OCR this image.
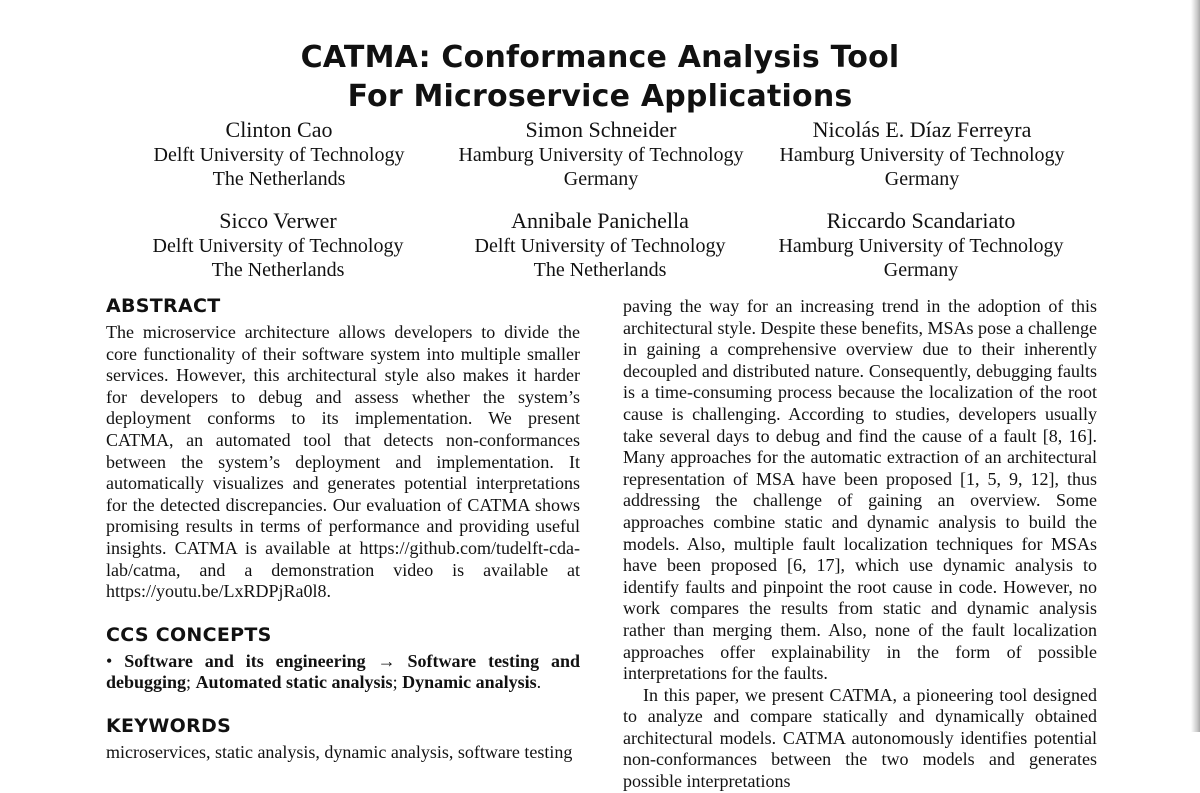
CATMA: Conformance Analysis Tool
For Microservice Applications
Clinton Cao
Delft University of Technology
The Netherlands
Simon Schneider
Hamburg University of Technology
Germany
Nicolás E. Díaz Ferreyra
Hamburg University of Technology
Germany
Sicco Verwer
Delft University of Technology
The Netherlands
Annibale Panichella
Delft University of Technology
The Netherlands
Riccardo Scandariato
Hamburg University of Technology
Germany
ABSTRACT

The microservice architecture allows developers to divide the core functionality of their software system into multiple smaller services. However, this architectural style also makes it harder for developers to debug and assess whether the system’s deployment conforms to its implementation. We present CATMA, an automated tool that detects non-conformances between the system’s deployment and implementation. It automatically visualizes and generates potential interpretations for the detected discrepancies. Our evaluation of CATMA shows promising results in terms of performance and providing useful insights. CATMA is available at https://github.com/tudelft-cda-lab/catma, and a demonstration video is available at https://youtu.be/LxRDPjRa0l8.

CCS CONCEPTS

• Software and its engineering → Software testing and debugging; Automated static analysis; Dynamic analysis.

KEYWORDS

microservices, static analysis, dynamic analysis, software testing

paving the way for an increasing trend in the adoption of this architectural style. Despite these benefits, MSAs pose a challenge in gaining a comprehensive overview due to their inherently decoupled and distributed nature. Consequently, debugging faults is a time-consuming process because the localization of the root cause is challenging. According to studies, developers usually take several days to debug and find the cause of a fault [8, 16]. Many approaches for the automatic extraction of an architectural representation of MSA have been proposed [1, 5, 9, 12], thus addressing the challenge of gaining an overview. Some approaches combine static and dynamic analysis to build the models. Also, multiple fault localization techniques for MSAs have been proposed [6, 17], which use dynamic analysis to identify faults and pinpoint the root cause in code. However, no work compares the results from static and dynamic analysis rather than merging them. Also, none of the fault localization approaches offer explainability in the form of possible interpretations for the faults.

In this paper, we present CATMA, a pioneering tool designed to analyze and compare statically and dynamically obtained architectural models. CATMA autonomously identifies potential non-conformances between the two models and generates possible interpretations
